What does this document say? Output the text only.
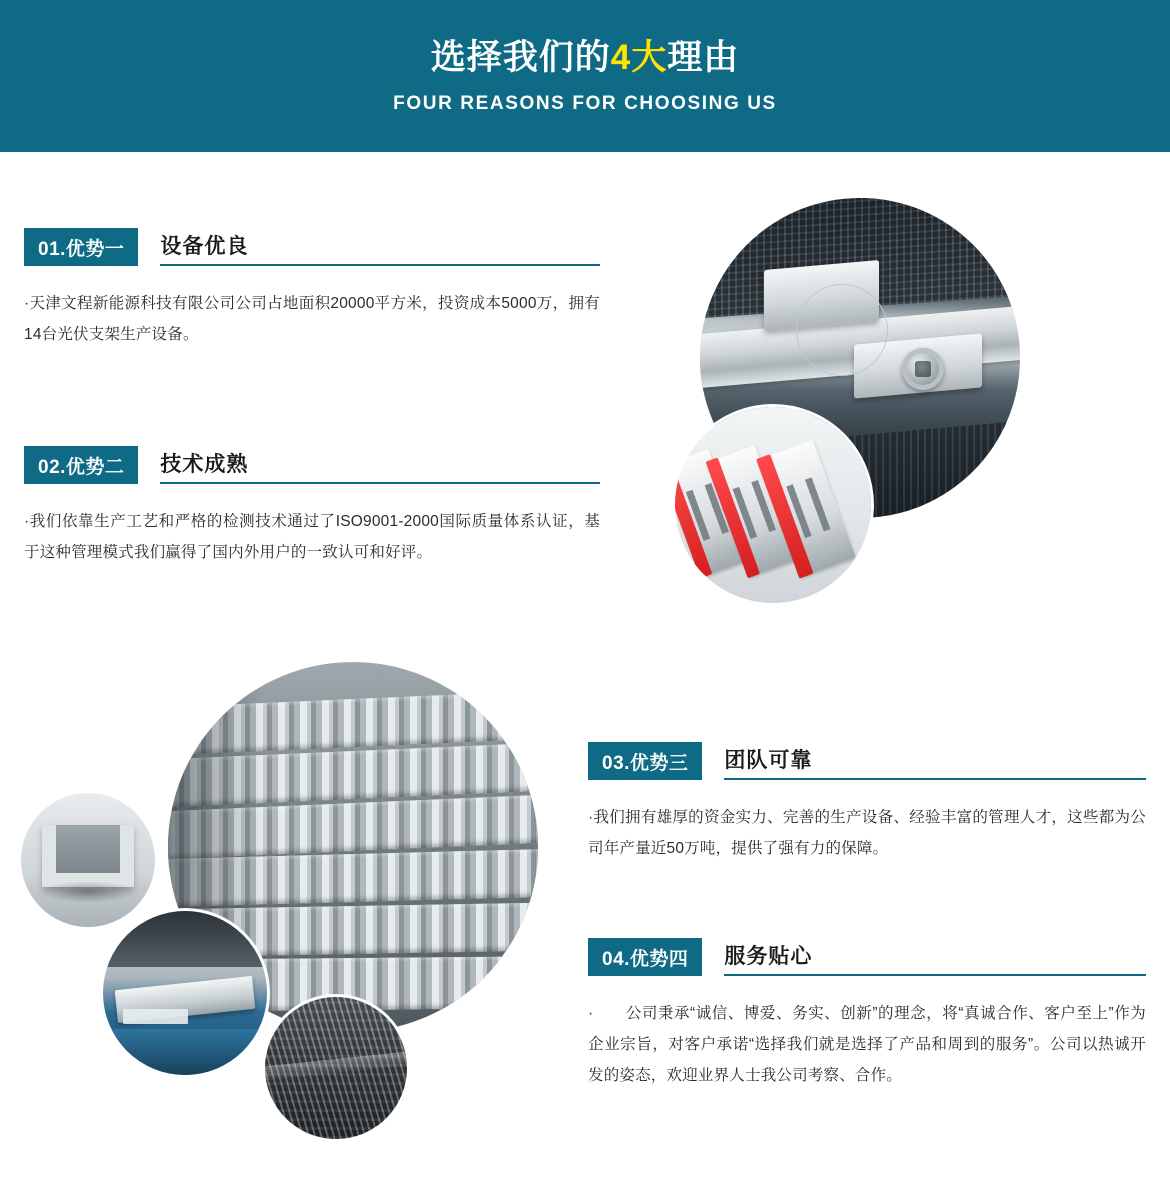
选择我们的4大理由
FOUR REASONS FOR CHOOSING US
01.优势一	设备优良

·天津文程新能源科技有限公司公司占地面积20000平方米，投资成本5000万，拥有14台光伏支架生产设备。

02.优势二	技术成熟

·我们依靠生产工艺和严格的检测技术通过了ISO9001-2000国际质量体系认证，基于这种管理模式我们赢得了国内外用户的一致认可和好评。

03.优势三	团队可靠

·我们拥有雄厚的资金实力、完善的生产设备、经验丰富的管理人才，这些都为公司年产量近50万吨，提供了强有力的保障。

04.优势四	服务贴心

·　　公司秉承“诚信、博爱、务实、创新”的理念，将“真诚合作、客户至上”作为企业宗旨，对客户承诺“选择我们就是选择了产品和周到的服务”。公司以热诚开发的姿态，欢迎业界人士我公司考察、合作。
